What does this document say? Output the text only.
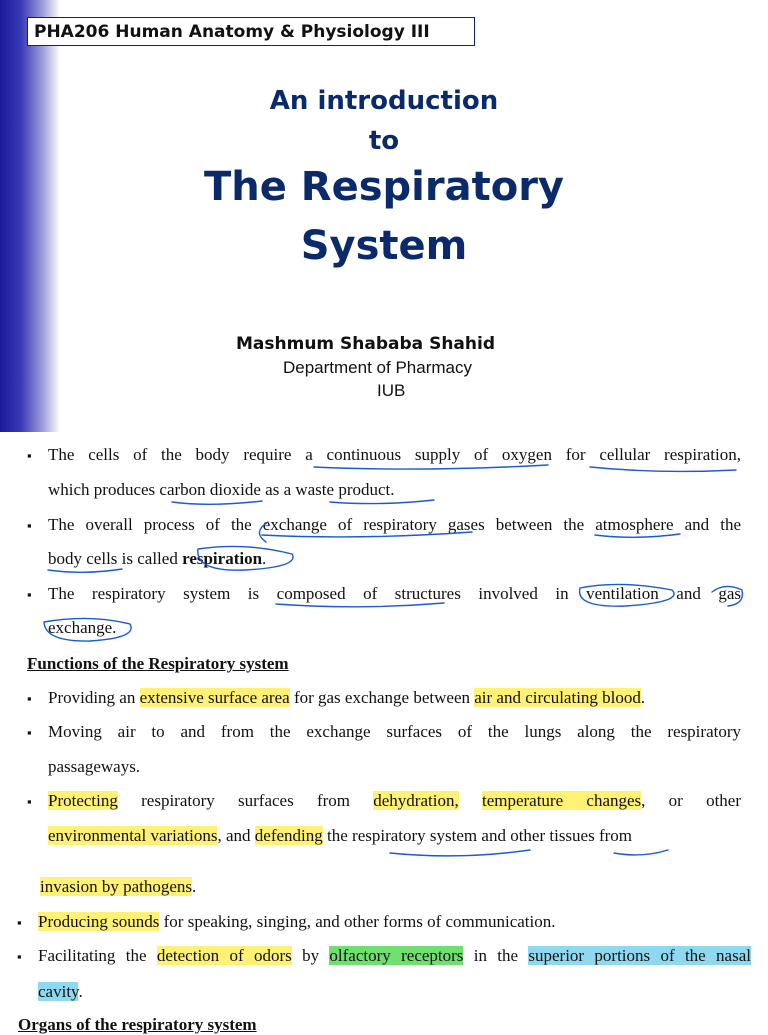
PHA206 Human Anatomy & Physiology III
An introduction
to
The Respiratory
System
Mashmum Shababa Shahid
Department of Pharmacy
IUB
▪ The cells of the body require a continuous supply of oxygen for cellular respiration,
which produces carbon dioxide as a waste product.
▪ The overall process of the exchange of respiratory gases between the atmosphere and the
body cells is called respiration.
▪ The respiratory system is composed of structures involved in ventilation and gas
exchange.
Functions of the Respiratory system
▪ Providing an extensive surface area for gas exchange between air and circulating blood.
▪ Moving air to and from the exchange surfaces of the lungs along the respiratory
passageways.
▪ Protecting respiratory surfaces from dehydration, temperature changes, or other
environmental variations, and defending the respiratory system and other tissues from
invasion by pathogens.
▪ Producing sounds for speaking, singing, and other forms of communication.
▪ Facilitating the detection of odors by olfactory receptors in the superior portions of the nasal
cavity.
Organs of the respiratory system
